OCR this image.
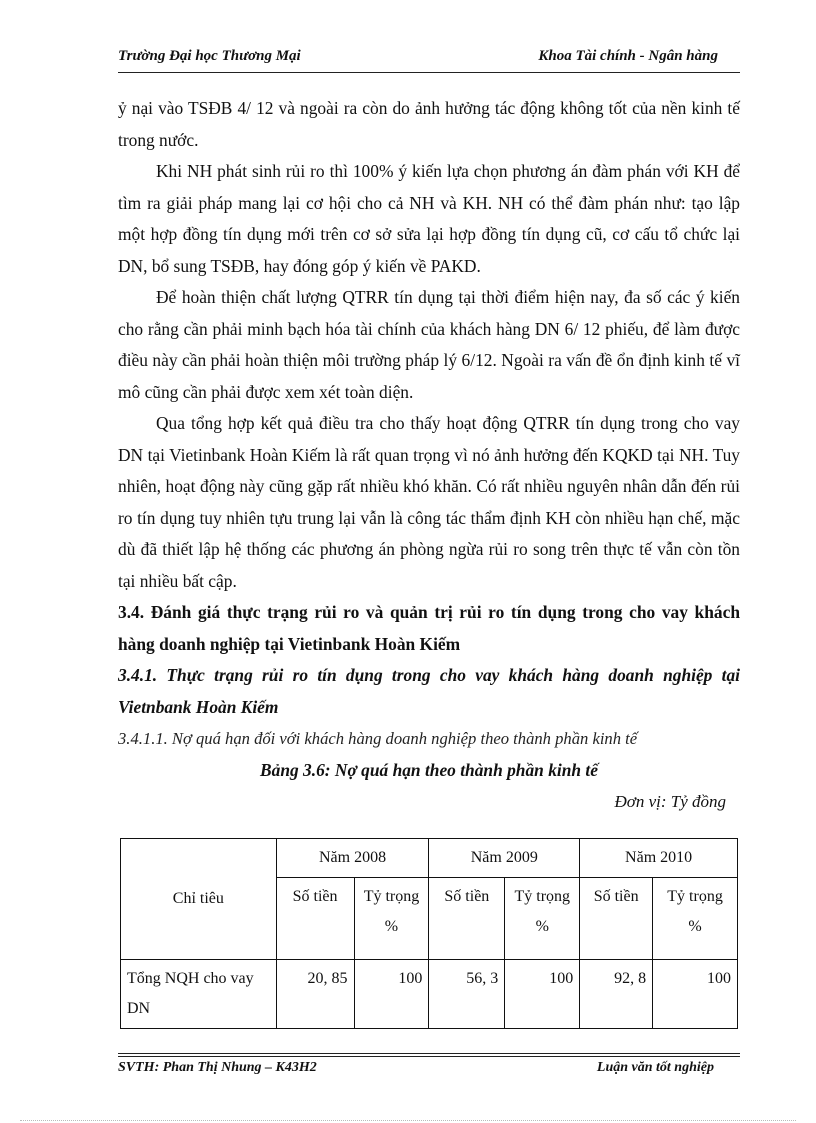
Trường Đại học Thương Mại	Khoa Tài chính - Ngân hàng

ỷ nại vào TSĐB 4/ 12 và ngoài ra còn do ảnh hưởng tác động không tốt của nền kinh tế trong nước.

Khi NH phát sinh rủi ro thì 100% ý kiến lựa chọn phương án đàm phán với KH để tìm ra giải pháp mang lại cơ hội cho cả NH và KH. NH có thể đàm phán như: tạo lập một hợp đồng tín dụng mới trên cơ sở sửa lại hợp đồng tín dụng cũ, cơ cấu tổ chức lại DN, bổ sung TSĐB, hay đóng góp ý kiến về PAKD.

Để hoàn thiện chất lượng QTRR tín dụng tại thời điểm hiện nay, đa số các ý kiến cho rằng cần phải minh bạch hóa tài chính của khách hàng DN 6/ 12 phiếu, để làm được điều này cần phải hoàn thiện môi trường pháp lý 6/12. Ngoài ra vấn đề ổn định kinh tế vĩ mô cũng cần phải được xem xét toàn diện.

Qua tổng hợp kết quả điều tra cho thấy hoạt động QTRR tín dụng trong cho vay DN tại Vietinbank Hoàn Kiếm là rất quan trọng vì nó ảnh hưởng đến KQKD tại NH. Tuy nhiên, hoạt động này cũng gặp rất nhiều khó khăn. Có rất nhiều nguyên nhân dẫn đến rủi ro tín dụng tuy nhiên tựu trung lại vẫn là công tác thẩm định KH còn nhiều hạn chế, mặc dù đã thiết lập hệ thống các phương án phòng ngừa rủi ro song trên thực tế vẫn còn tồn tại nhiều bất cập.

3.4. Đánh giá thực trạng rủi ro và quản trị rủi ro tín dụng trong cho vay khách hàng doanh nghiệp tại Vietinbank Hoàn Kiếm

3.4.1. Thực trạng rủi ro tín dụng trong cho vay khách hàng doanh nghiệp tại Vietnbank Hoàn Kiếm

3.4.1.1. Nợ quá hạn đối với khách hàng doanh nghiệp theo thành phần kinh tế

Bảng 3.6: Nợ quá hạn theo thành phần kinh tế

Đơn vị: Tỷ đồng

Chỉ tiêu	Năm 2008		Năm 2009		Năm 2010	
	Số tiền	Tỷ trọng %	Số tiền	Tỷ trọng %	Số tiền	Tỷ trọng %
Tổng NQH cho vay DN	20, 85	100	56, 3	100	92, 8	100
SVTH: Phan Thị Nhung – K43H2	Luận văn tốt nghiệp
